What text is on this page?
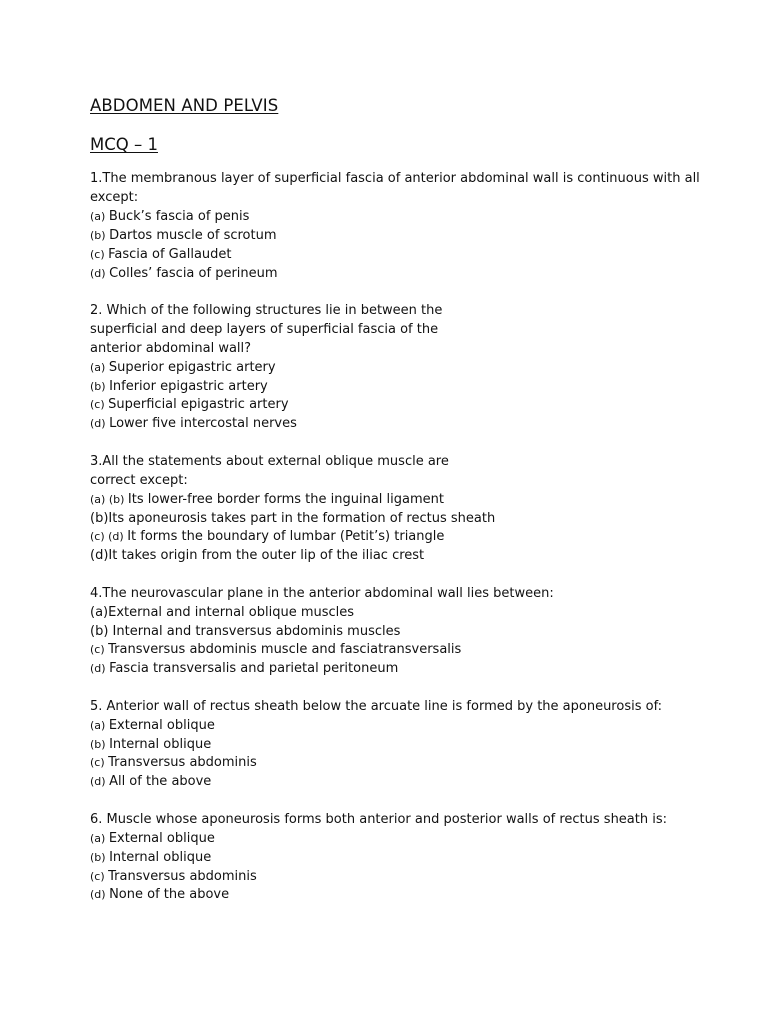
ABDOMEN AND PELVIS
MCQ – 1
1.The membranous layer of superficial fascia of anterior abdominal wall is continuous with all
except:
(a) Buck’s fascia of penis
(b) Dartos muscle of scrotum
(c) Fascia of Gallaudet
(d) Colles’ fascia of perineum
2. Which of the following structures lie in between the
superficial and deep layers of superficial fascia of the
anterior abdominal wall?
(a) Superior epigastric artery
(b) Inferior epigastric artery
(c) Superficial epigastric artery
(d) Lower five intercostal nerves
3.All the statements about external oblique muscle are
correct except:
(a) (b) Its lower-free border forms the inguinal ligament
(b)Its aponeurosis takes part in the formation of rectus sheath
(c) (d) It forms the boundary of lumbar (Petit’s) triangle
(d)It takes origin from the outer lip of the iliac crest
4.The neurovascular plane in the anterior abdominal wall lies between:
(a)External and internal oblique muscles
(b) Internal and transversus abdominis muscles
(c) Transversus abdominis muscle and fasciatransversalis
(d) Fascia transversalis and parietal peritoneum
5. Anterior wall of rectus sheath below the arcuate line is formed by the aponeurosis of:
(a) External oblique
(b) Internal oblique
(c) Transversus abdominis
(d) All of the above
6. Muscle whose aponeurosis forms both anterior and posterior walls of rectus sheath is:
(a) External oblique
(b) Internal oblique
(c) Transversus abdominis
(d) None of the above
